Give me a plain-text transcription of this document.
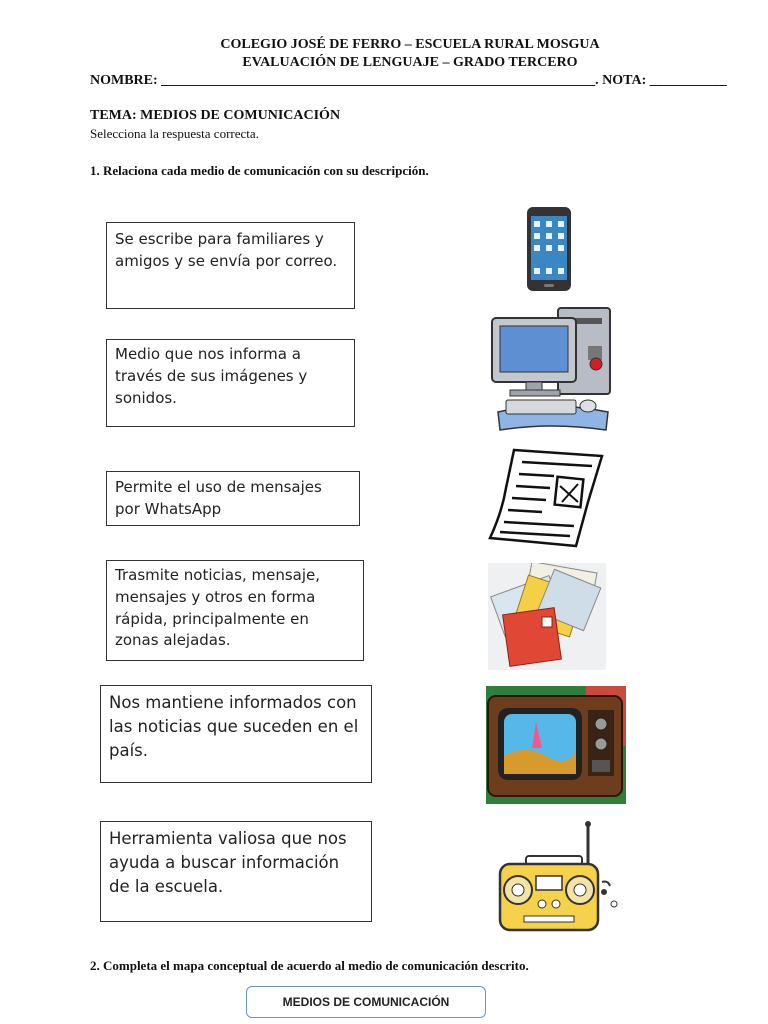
COLEGIO JOSÉ DE FERRO – ESCUELA RURAL MOSGUA
EVALUACIÓN DE LENGUAJE – GRADO TERCERO
NOMBRE: ______________________________________________________________. NOTA: ___________
TEMA: MEDIOS DE COMUNICACIÓN
Selecciona la respuesta correcta.
1. Relaciona cada medio de comunicación con su descripción.
Se escribe para familiares y amigos y se envía por correo.
Medio que nos informa a través de sus imágenes y sonidos.
Permite el uso de mensajes por WhatsApp
Trasmite noticias, mensaje, mensajes y otros en forma rápida, principalmente en zonas alejadas.
Nos mantiene informados con las noticias que suceden en el país.
Herramienta valiosa que nos ayuda a buscar información de la escuela.
2. Completa el mapa conceptual de acuerdo al medio de comunicación descrito.
MEDIOS DE COMUNICACIÓN
